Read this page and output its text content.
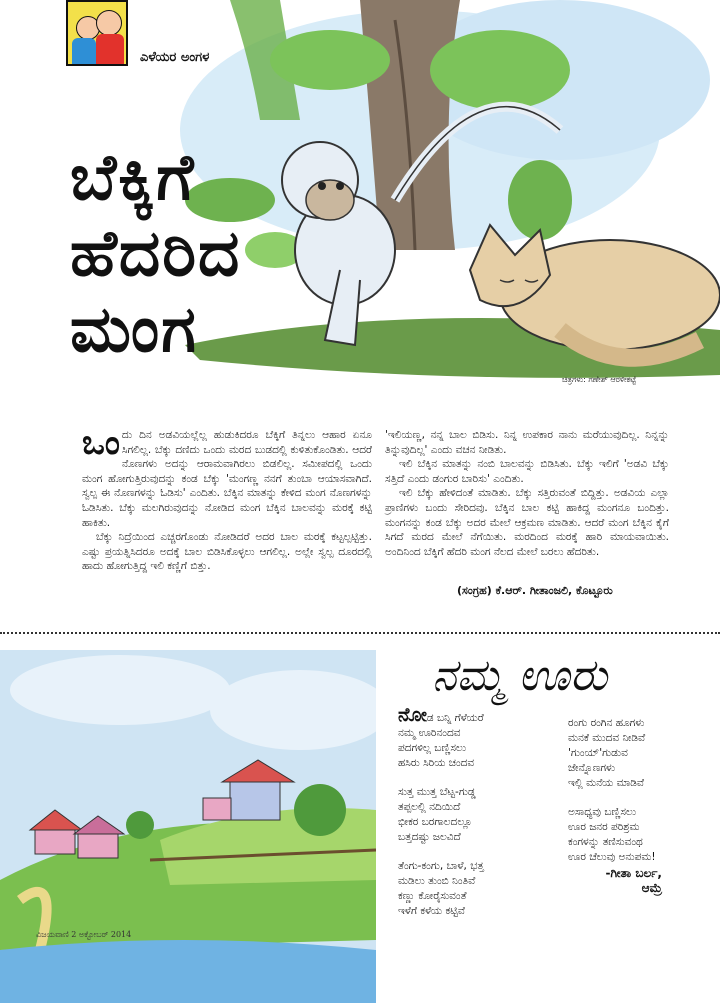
ಎಳೆಯರ ಅಂಗಳ
ಬೆಕ್ಕಿಗೆ
ಹೆದರಿದ
ಮಂಗ
ಚಿತ್ರಗಳು: ಗಣೇಶ್ ಆರಳೀಕಟ್ಟೆ

ಒಂದು ದಿನ ಅಡವಿಯಲ್ಲೆಲ್ಲ ಹುಡುಕಿದರೂ ಬೆಕ್ಕಿಗೆ ತಿನ್ನಲು ಆಹಾರ ಏನೂ ಸಿಗಲಿಲ್ಲ. ಬೆಕ್ಕು ದಣಿದು ಒಂದು ಮರದ ಬುಡದಲ್ಲಿ ಕುಳಿತುಕೊಂಡಿತು. ಆದರೆ ನೊಣಗಳು ಅದನ್ನು ಆರಾಮವಾಗಿರಲು ಬಿಡಲಿಲ್ಲ. ಸಮೀಪದಲ್ಲಿ ಒಂದು ಮಂಗ ಹೋಗುತ್ತಿರುವುದನ್ನು ಕಂಡ ಬೆಕ್ಕು 'ಮಂಗಣ್ಣ ನನಗೆ ತುಂಬಾ ಆಯಾಸವಾಗಿದೆ. ಸ್ವಲ್ಪ ಈ ನೊಣಗಳನ್ನು ಓಡಿಸು' ಎಂದಿತು. ಬೆಕ್ಕಿನ ಮಾತನ್ನು ಕೇಳಿದ ಮಂಗ ನೊಣಗಳನ್ನು ಓಡಿಸಿತು. ಬೆಕ್ಕು ಮಲಗಿರುವುದನ್ನು ನೋಡಿದ ಮಂಗ ಬೆಕ್ಕಿನ ಬಾಲವನ್ನು ಮರಕ್ಕೆ ಕಟ್ಟಿ ಹಾಕಿತು.

ಬೆಕ್ಕು ನಿದ್ರೆಯಿಂದ ಎಚ್ಚರಗೊಂಡು ನೋಡಿದರೆ ಅದರ ಬಾಲ ಮರಕ್ಕೆ ಕಟ್ಟಲ್ಪಟ್ಟಿತ್ತು. ಎಷ್ಟು ಪ್ರಯತ್ನಿಸಿದರೂ ಅದಕ್ಕೆ ಬಾಲ ಬಿಡಿಸಿಕೊಳ್ಳಲು ಆಗಲಿಲ್ಲ. ಅಲ್ಲೇ ಸ್ವಲ್ಪ ದೂರದಲ್ಲಿ ಹಾದು ಹೋಗುತ್ತಿದ್ದ ಇಲಿ ಕಣ್ಣಿಗೆ ಬಿತ್ತು.

'ಇಲಿಯಣ್ಣ, ನನ್ನ ಬಾಲ ಬಿಡಿಸು. ನಿನ್ನ ಉಪಕಾರ ನಾನು ಮರೆಯುವುದಿಲ್ಲ. ನಿನ್ನನ್ನು ತಿನ್ನುವುದಿಲ್ಲ' ಎಂದು ವಚನ ನೀಡಿತು.

ಇಲಿ ಬೆಕ್ಕಿನ ಮಾತನ್ನು ನಂಬಿ ಬಾಲವನ್ನು ಬಿಡಿಸಿತು. ಬೆಕ್ಕು ಇಲಿಗೆ 'ಅಡವಿ ಬೆಕ್ಕು ಸತ್ತಿದೆ ಎಂದು ಡಂಗುರ ಬಾರಿಸು' ಎಂದಿತು.

ಇಲಿ ಬೆಕ್ಕು ಹೇಳಿದಂತೆ ಮಾಡಿತು. ಬೆಕ್ಕು ಸತ್ತಿರುವಂತೆ ಬಿದ್ದಿತ್ತು. ಅಡವಿಯ ಎಲ್ಲಾ ಪ್ರಾಣಿಗಳು ಬಂದು ಸೇರಿದವು. ಬೆಕ್ಕಿನ ಬಾಲ ಕಟ್ಟಿ ಹಾಕಿದ್ದ ಮಂಗನೂ ಬಂದಿತ್ತು. ಮಂಗನನ್ನು ಕಂಡ ಬೆಕ್ಕು ಅದರ ಮೇಲೆ ಆಕ್ರಮಣ ಮಾಡಿತು. ಆದರೆ ಮಂಗ ಬೆಕ್ಕಿನ ಕೈಗೆ ಸಿಗದೆ ಮರದ ಮೇಲೆ ನೆಗೆಯಿತು. ಮರದಿಂದ ಮರಕ್ಕೆ ಹಾರಿ ಮಾಯವಾಯಿತು. ಅಂದಿನಿಂದ ಬೆಕ್ಕಿಗೆ ಹೆದರಿ ಮಂಗ ನೆಲದ ಮೇಲೆ ಬರಲು ಹೆದರಿತು.

(ಸಂಗ್ರಹ) ಕೆ.ಆರ್. ಗೀತಾಂಜಲಿ, ಕೊಟ್ಟೂರು
ವಿಜಯವಾಣಿ 2 ಅಕ್ಟೋಬರ್ 2014
ನಮ್ಮ ಊರು
ನೋಡ ಬನ್ನಿ ಗೆಳೆಯರೆ
ನಮ್ಮ ಊರಿನಂದವ
ಪದಗಳಿಲ್ಲ ಬಣ್ಣಿಸಲು
ಹಸಿರು ಸಿರಿಯ ಚಂದವ
ಸುತ್ತ ಮುತ್ತ ಬೆಟ್ಟ-ಗುಡ್ಡ
ತಪ್ಪಲಲ್ಲಿ ನದಿಯಿದೆ
ಭೀಕರ ಬರಗಾಲದಲ್ಲೂ
ಬತ್ತದಷ್ಟು ಜಲವಿದೆ
ತೆಂಗು-ಕಂಗು, ಬಾಳೆ, ಭತ್ತ
ಮಡಿಲು ತುಂಬಿ ನಿಂತಿವೆ
ಕಣ್ಣು ಕೋರೈಸುವಂತೆ
ಇಳೆಗೆ ಕಳೆಯ ಕಟ್ಟಿವೆ
ರಂಗು ರಂಗಿನ ಹೂಗಳು
ಮನಕೆ ಮುದವ ನೀಡಿವೆ
'ಗುಂಯ್'ಗುಡುವ
ಜೇನ್ನೊಣಗಳು
ಇಲ್ಲಿ ಮನೆಯ ಮಾಡಿವೆ
ಅಸಾಧ್ಯವು ಬಣ್ಣಿಸಲು
ಊರ ಜನರ ಪರಿಶ್ರಮ
ಕಂಗಳನ್ನು ತಣಿಸುವಂಥ
ಊರ ಚೆಲುವು ಅನುಪಮ!
-ಗೀತಾ ಬರ್ಲ,
ಆಮ್ರೆ
